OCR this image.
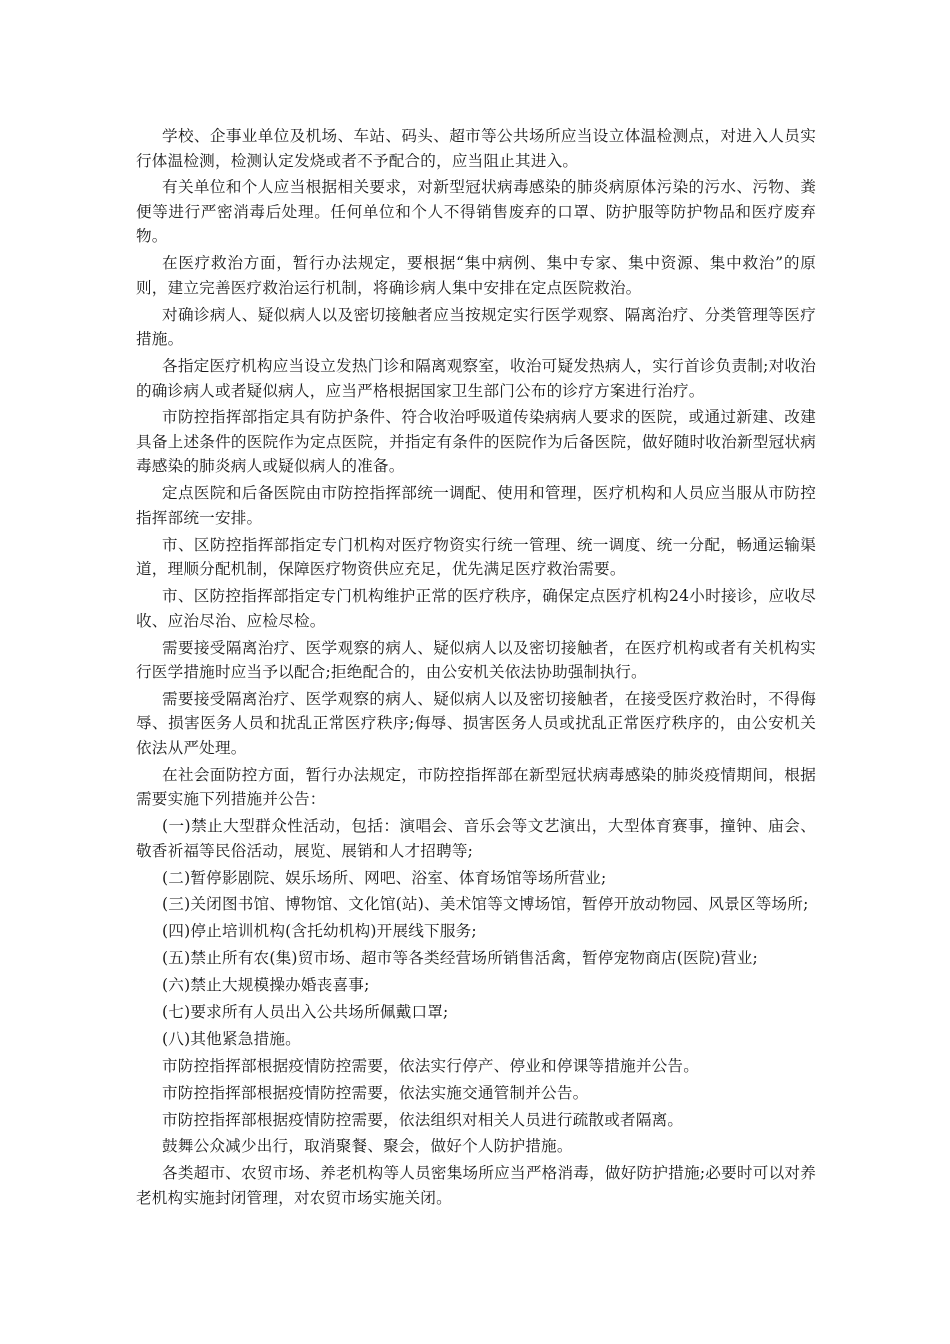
学校、企事业单位及机场、车站、码头、超市等公共场所应当设立体温检测点，对进入人员实行体温检测，检测认定发烧或者不予配合的，应当阻止其进入。

有关单位和个人应当根据相关要求，对新型冠状病毒感染的肺炎病原体污染的污水、污物、粪便等进行严密消毒后处理。任何单位和个人不得销售废弃的口罩、防护服等防护物品和医疗废弃物。

在医疗救治方面，暂行办法规定，要根据“集中病例、集中专家、集中资源、集中救治”的原则，建立完善医疗救治运行机制，将确诊病人集中安排在定点医院救治。

对确诊病人、疑似病人以及密切接触者应当按规定实行医学观察、隔离治疗、分类管理等医疗措施。

各指定医疗机构应当设立发热门诊和隔离观察室，收治可疑发热病人，实行首诊负责制;对收治的确诊病人或者疑似病人，应当严格根据国家卫生部门公布的诊疗方案进行治疗。

市防控指挥部指定具有防护条件、符合收治呼吸道传染病病人要求的医院，或通过新建、改建具备上述条件的医院作为定点医院，并指定有条件的医院作为后备医院，做好随时收治新型冠状病毒感染的肺炎病人或疑似病人的准备。

定点医院和后备医院由市防控指挥部统一调配、使用和管理，医疗机构和人员应当服从市防控指挥部统一安排。

市、区防控指挥部指定专门机构对医疗物资实行统一管理、统一调度、统一分配，畅通运输渠道，理顺分配机制，保障医疗物资供应充足，优先满足医疗救治需要。

市、区防控指挥部指定专门机构维护正常的医疗秩序，确保定点医疗机构24小时接诊，应收尽收、应治尽治、应检尽检。

需要接受隔离治疗、医学观察的病人、疑似病人以及密切接触者，在医疗机构或者有关机构实行医学措施时应当予以配合;拒绝配合的，由公安机关依法协助强制执行。

需要接受隔离治疗、医学观察的病人、疑似病人以及密切接触者，在接受医疗救治时，不得侮辱、损害医务人员和扰乱正常医疗秩序;侮辱、损害医务人员或扰乱正常医疗秩序的，由公安机关依法从严处理。

在社会面防控方面，暂行办法规定，市防控指挥部在新型冠状病毒感染的肺炎疫情期间，根据需要实施下列措施并公告：

(一)禁止大型群众性活动，包括：演唱会、音乐会等文艺演出，大型体育赛事，撞钟、庙会、敬香祈福等民俗活动，展览、展销和人才招聘等;

(二)暂停影剧院、娱乐场所、网吧、浴室、体育场馆等场所营业;

(三)关闭图书馆、博物馆、文化馆(站)、美术馆等文博场馆，暂停开放动物园、风景区等场所;

(四)停止培训机构(含托幼机构)开展线下服务;

(五)禁止所有农(集)贸市场、超市等各类经营场所销售活禽，暂停宠物商店(医院)营业;

(六)禁止大规模操办婚丧喜事;

(七)要求所有人员出入公共场所佩戴口罩;

(八)其他紧急措施。

市防控指挥部根据疫情防控需要，依法实行停产、停业和停课等措施并公告。

市防控指挥部根据疫情防控需要，依法实施交通管制并公告。

市防控指挥部根据疫情防控需要，依法组织对相关人员进行疏散或者隔离。

鼓舞公众减少出行，取消聚餐、聚会，做好个人防护措施。

各类超市、农贸市场、养老机构等人员密集场所应当严格消毒，做好防护措施;必要时可以对养老机构实施封闭管理，对农贸市场实施关闭。
